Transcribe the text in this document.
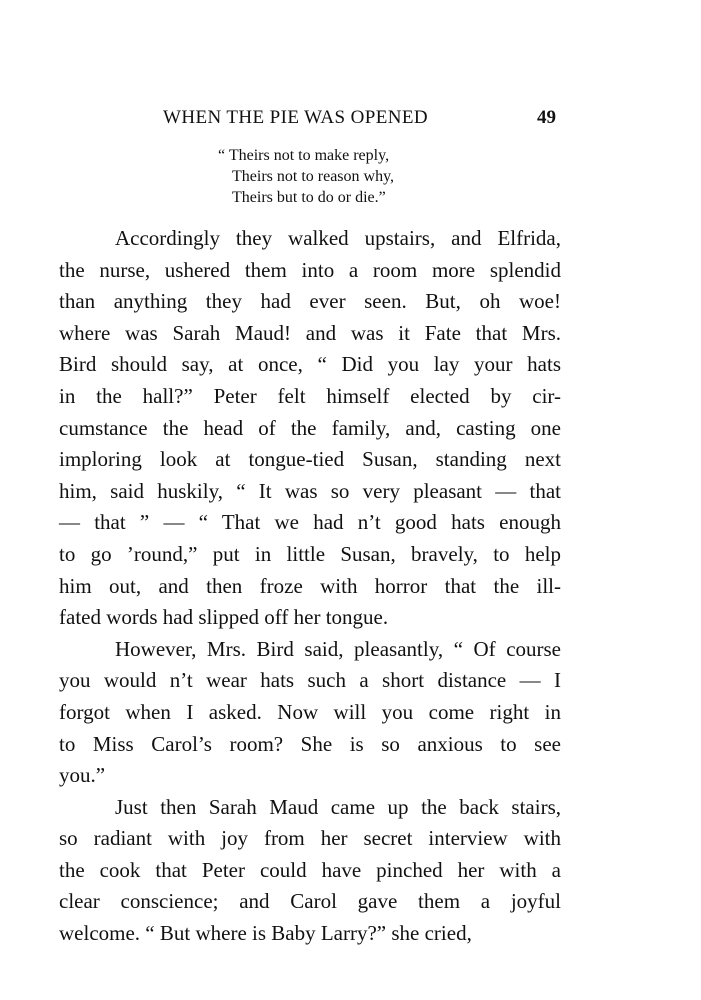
WHEN THE PIE WAS OPENED	49
“ Theirs not to make reply,
Theirs not to reason why,
Theirs but to do or die.”

Accordingly they walked upstairs, and Elfrida,
the nurse, ushered them into a room more splendid
than anything they had ever seen. But, oh woe!
where was Sarah Maud! and was it Fate that Mrs.
Bird should say, at once, “ Did you lay your hats
in the hall?” Peter felt himself elected by cir-
cumstance the head of the family, and, casting one
imploring look at tongue-tied Susan, standing next
him, said huskily, “ It was so very pleasant — that
— that ” — “ That we had n’t good hats enough
to go ’round,” put in little Susan, bravely, to help
him out, and then froze with horror that the ill-
fated words had slipped off her tongue.

However, Mrs. Bird said, pleasantly, “ Of course
you would n’t wear hats such a short distance — I
forgot when I asked. Now will you come right in
to Miss Carol’s room? She is so anxious to see
you.”

Just then Sarah Maud came up the back stairs,
so radiant with joy from her secret interview with
the cook that Peter could have pinched her with a
clear conscience; and Carol gave them a joyful
welcome. “ But where is Baby Larry?” she cried,
